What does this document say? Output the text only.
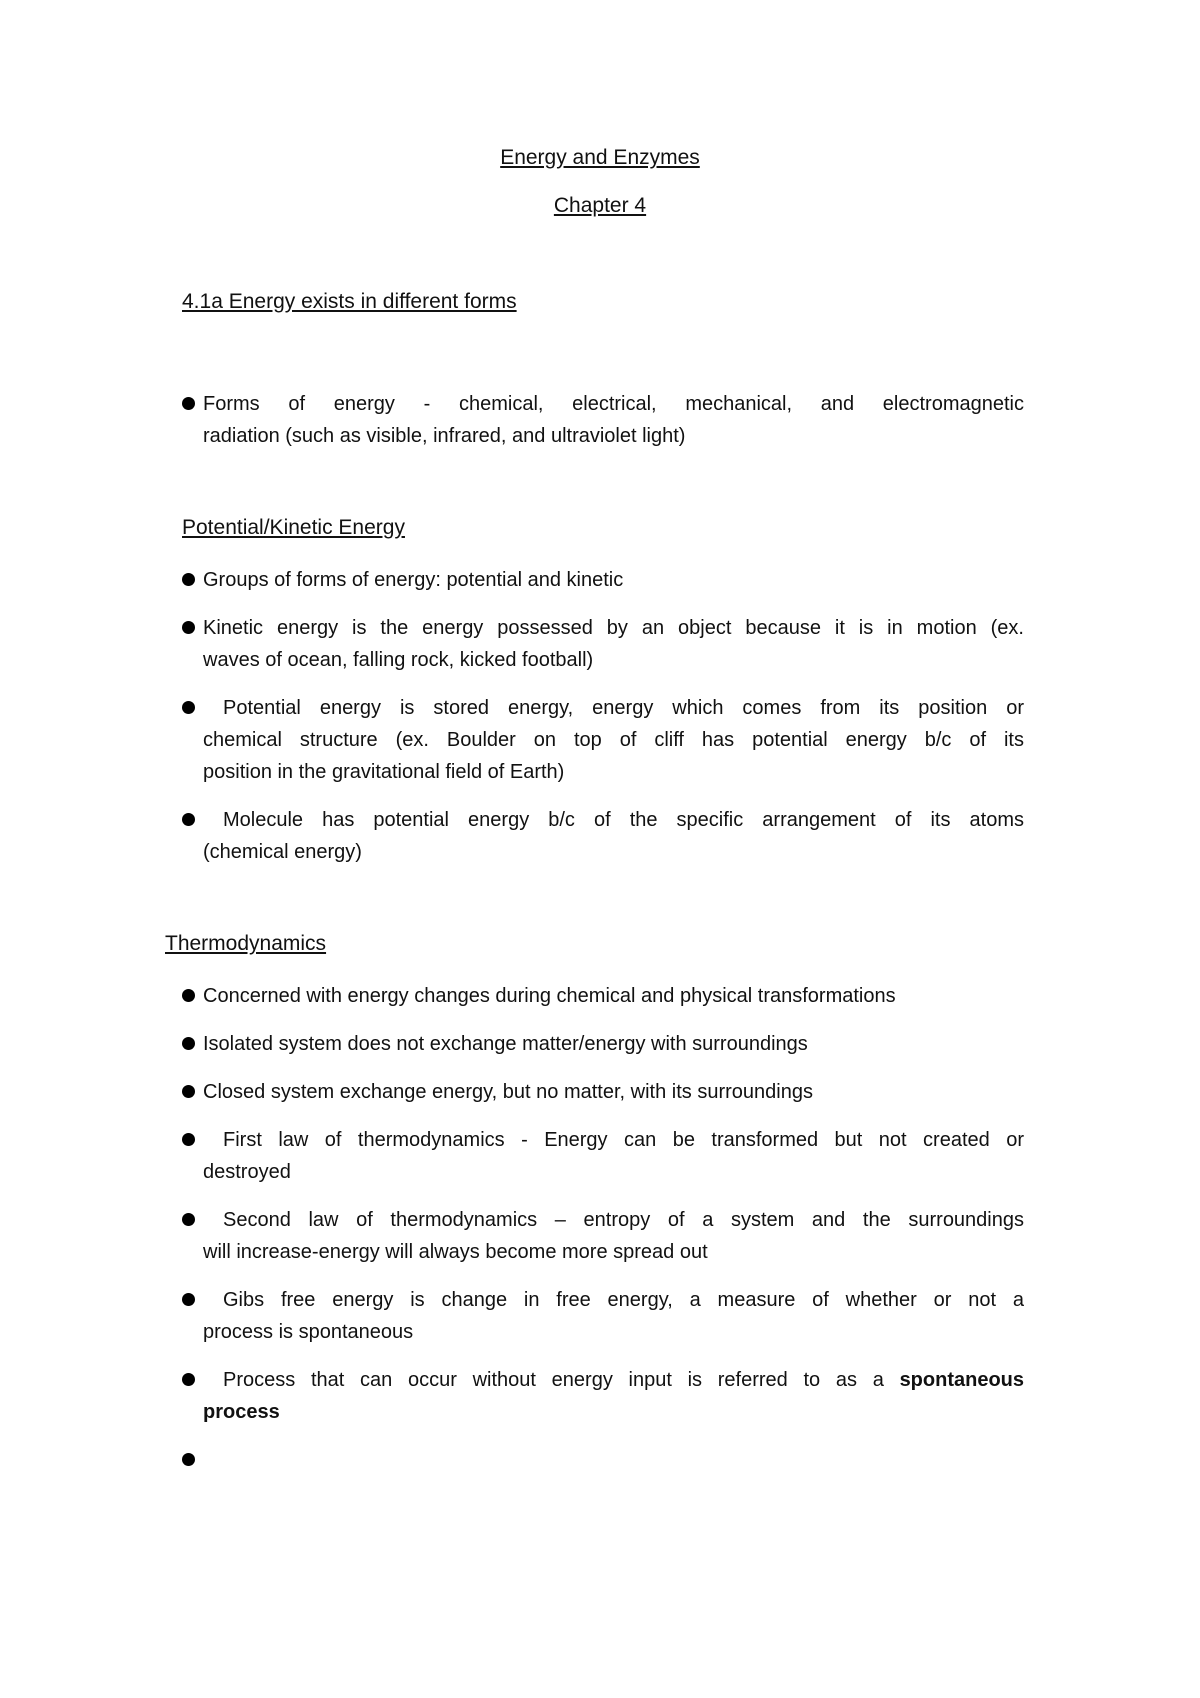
Energy and Enzymes
Chapter 4
4.1a Energy exists in different forms
Forms of energy - chemical, electrical, mechanical, and electromagnetic
radiation (such as visible, infrared, and ultraviolet light)
Potential/Kinetic Energy
Groups of forms of energy: potential and kinetic
Kinetic energy is the energy possessed by an object because it is in motion (ex.
waves of ocean, falling rock, kicked football)
Potential energy is stored energy, energy which comes from its position or
chemical structure (ex. Boulder on top of cliff has potential energy b/c of its
position in the gravitational field of Earth)
Molecule has potential energy b/c of the specific arrangement of its atoms
(chemical energy)
Thermodynamics
Concerned with energy changes during chemical and physical transformations
Isolated system does not exchange matter/energy with surroundings
Closed system exchange energy, but no matter, with its surroundings
First law of thermodynamics - Energy can be transformed but not created or
destroyed
Second law of thermodynamics – entropy of a system and the surroundings
will increase-energy will always become more spread out
Gibs free energy is change in free energy, a measure of whether or not a
process is spontaneous
Process that can occur without energy input is referred to as a spontaneous
process
